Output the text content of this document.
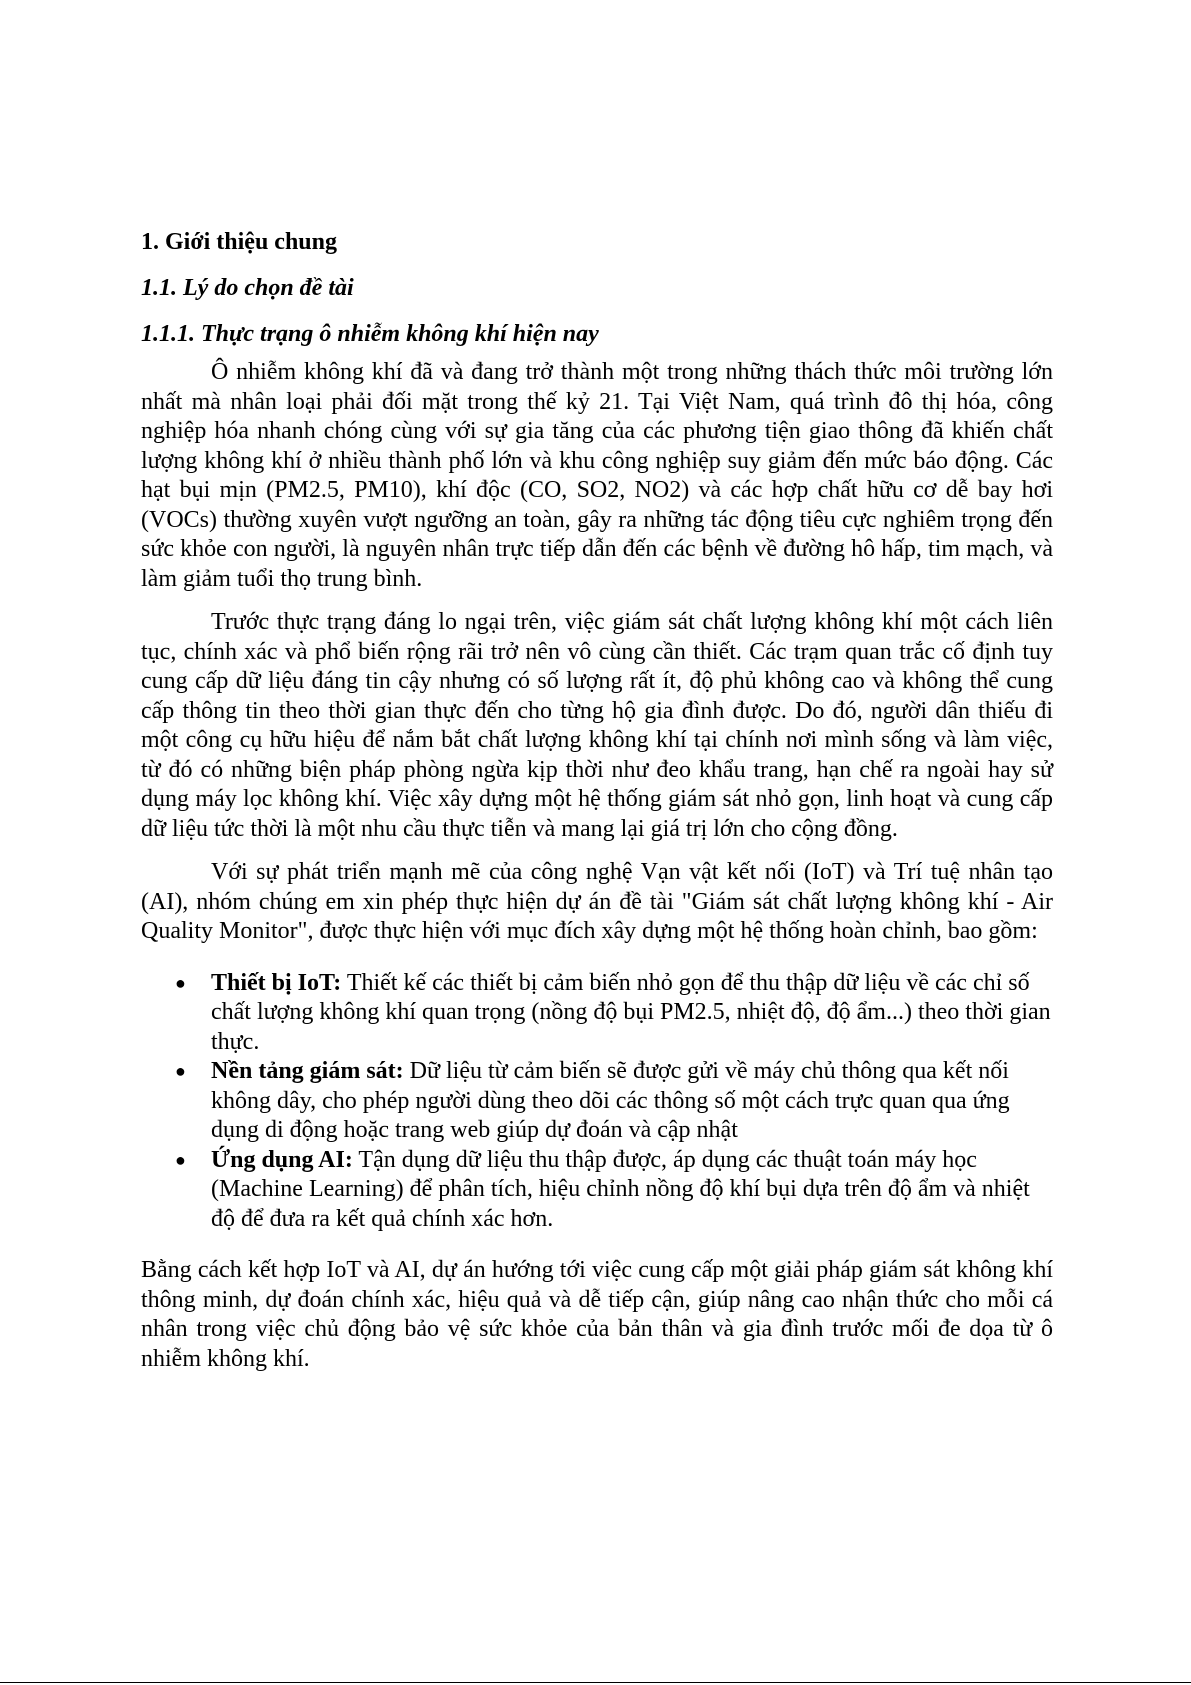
1. Giới thiệu chung
1.1. Lý do chọn đề tài
1.1.1. Thực trạng ô nhiễm không khí hiện nay

Ô nhiễm không khí đã và đang trở thành một trong những thách thức môi trường lớn nhất mà nhân loại phải đối mặt trong thế kỷ 21. Tại Việt Nam, quá trình đô thị hóa, công nghiệp hóa nhanh chóng cùng với sự gia tăng của các phương tiện giao thông đã khiến chất lượng không khí ở nhiều thành phố lớn và khu công nghiệp suy giảm đến mức báo động. Các hạt bụi mịn (PM2.5, PM10), khí độc (CO, SO2, NO2) và các hợp chất hữu cơ dễ bay hơi (VOCs) thường xuyên vượt ngưỡng an toàn, gây ra những tác động tiêu cực nghiêm trọng đến sức khỏe con người, là nguyên nhân trực tiếp dẫn đến các bệnh về đường hô hấp, tim mạch, và làm giảm tuổi thọ trung bình.

Trước thực trạng đáng lo ngại trên, việc giám sát chất lượng không khí một cách liên tục, chính xác và phổ biến rộng rãi trở nên vô cùng cần thiết. Các trạm quan trắc cố định tuy cung cấp dữ liệu đáng tin cậy nhưng có số lượng rất ít, độ phủ không cao và không thể cung cấp thông tin theo thời gian thực đến cho từng hộ gia đình được. Do đó, người dân thiếu đi một công cụ hữu hiệu để nắm bắt chất lượng không khí tại chính nơi mình sống và làm việc, từ đó có những biện pháp phòng ngừa kịp thời như đeo khẩu trang, hạn chế ra ngoài hay sử dụng máy lọc không khí. Việc xây dựng một hệ thống giám sát nhỏ gọn, linh hoạt và cung cấp dữ liệu tức thời là một nhu cầu thực tiễn và mang lại giá trị lớn cho cộng đồng.

Với sự phát triển mạnh mẽ của công nghệ Vạn vật kết nối (IoT) và Trí tuệ nhân tạo (AI), nhóm chúng em xin phép thực hiện dự án đề tài "Giám sát chất lượng không khí - Air Quality Monitor", được thực hiện với mục đích xây dựng một hệ thống hoàn chỉnh, bao gồm:

● Thiết bị IoT: Thiết kế các thiết bị cảm biến nhỏ gọn để thu thập dữ liệu về các chỉ số chất lượng không khí quan trọng (nồng độ bụi PM2.5, nhiệt độ, độ ẩm...) theo thời gian thực.
● Nền tảng giám sát: Dữ liệu từ cảm biến sẽ được gửi về máy chủ thông qua kết nối không dây, cho phép người dùng theo dõi các thông số một cách trực quan qua ứng dụng di động hoặc trang web giúp dự đoán và cập nhật
● Ứng dụng AI: Tận dụng dữ liệu thu thập được, áp dụng các thuật toán máy học (Machine Learning) để phân tích, hiệu chỉnh nồng độ khí bụi dựa trên độ ẩm và nhiệt độ để đưa ra kết quả chính xác hơn.

Bằng cách kết hợp IoT và AI, dự án hướng tới việc cung cấp một giải pháp giám sát không khí thông minh, dự đoán chính xác, hiệu quả và dễ tiếp cận, giúp nâng cao nhận thức cho mỗi cá nhân trong việc chủ động bảo vệ sức khỏe của bản thân và gia đình trước mối đe dọa từ ô nhiễm không khí.
